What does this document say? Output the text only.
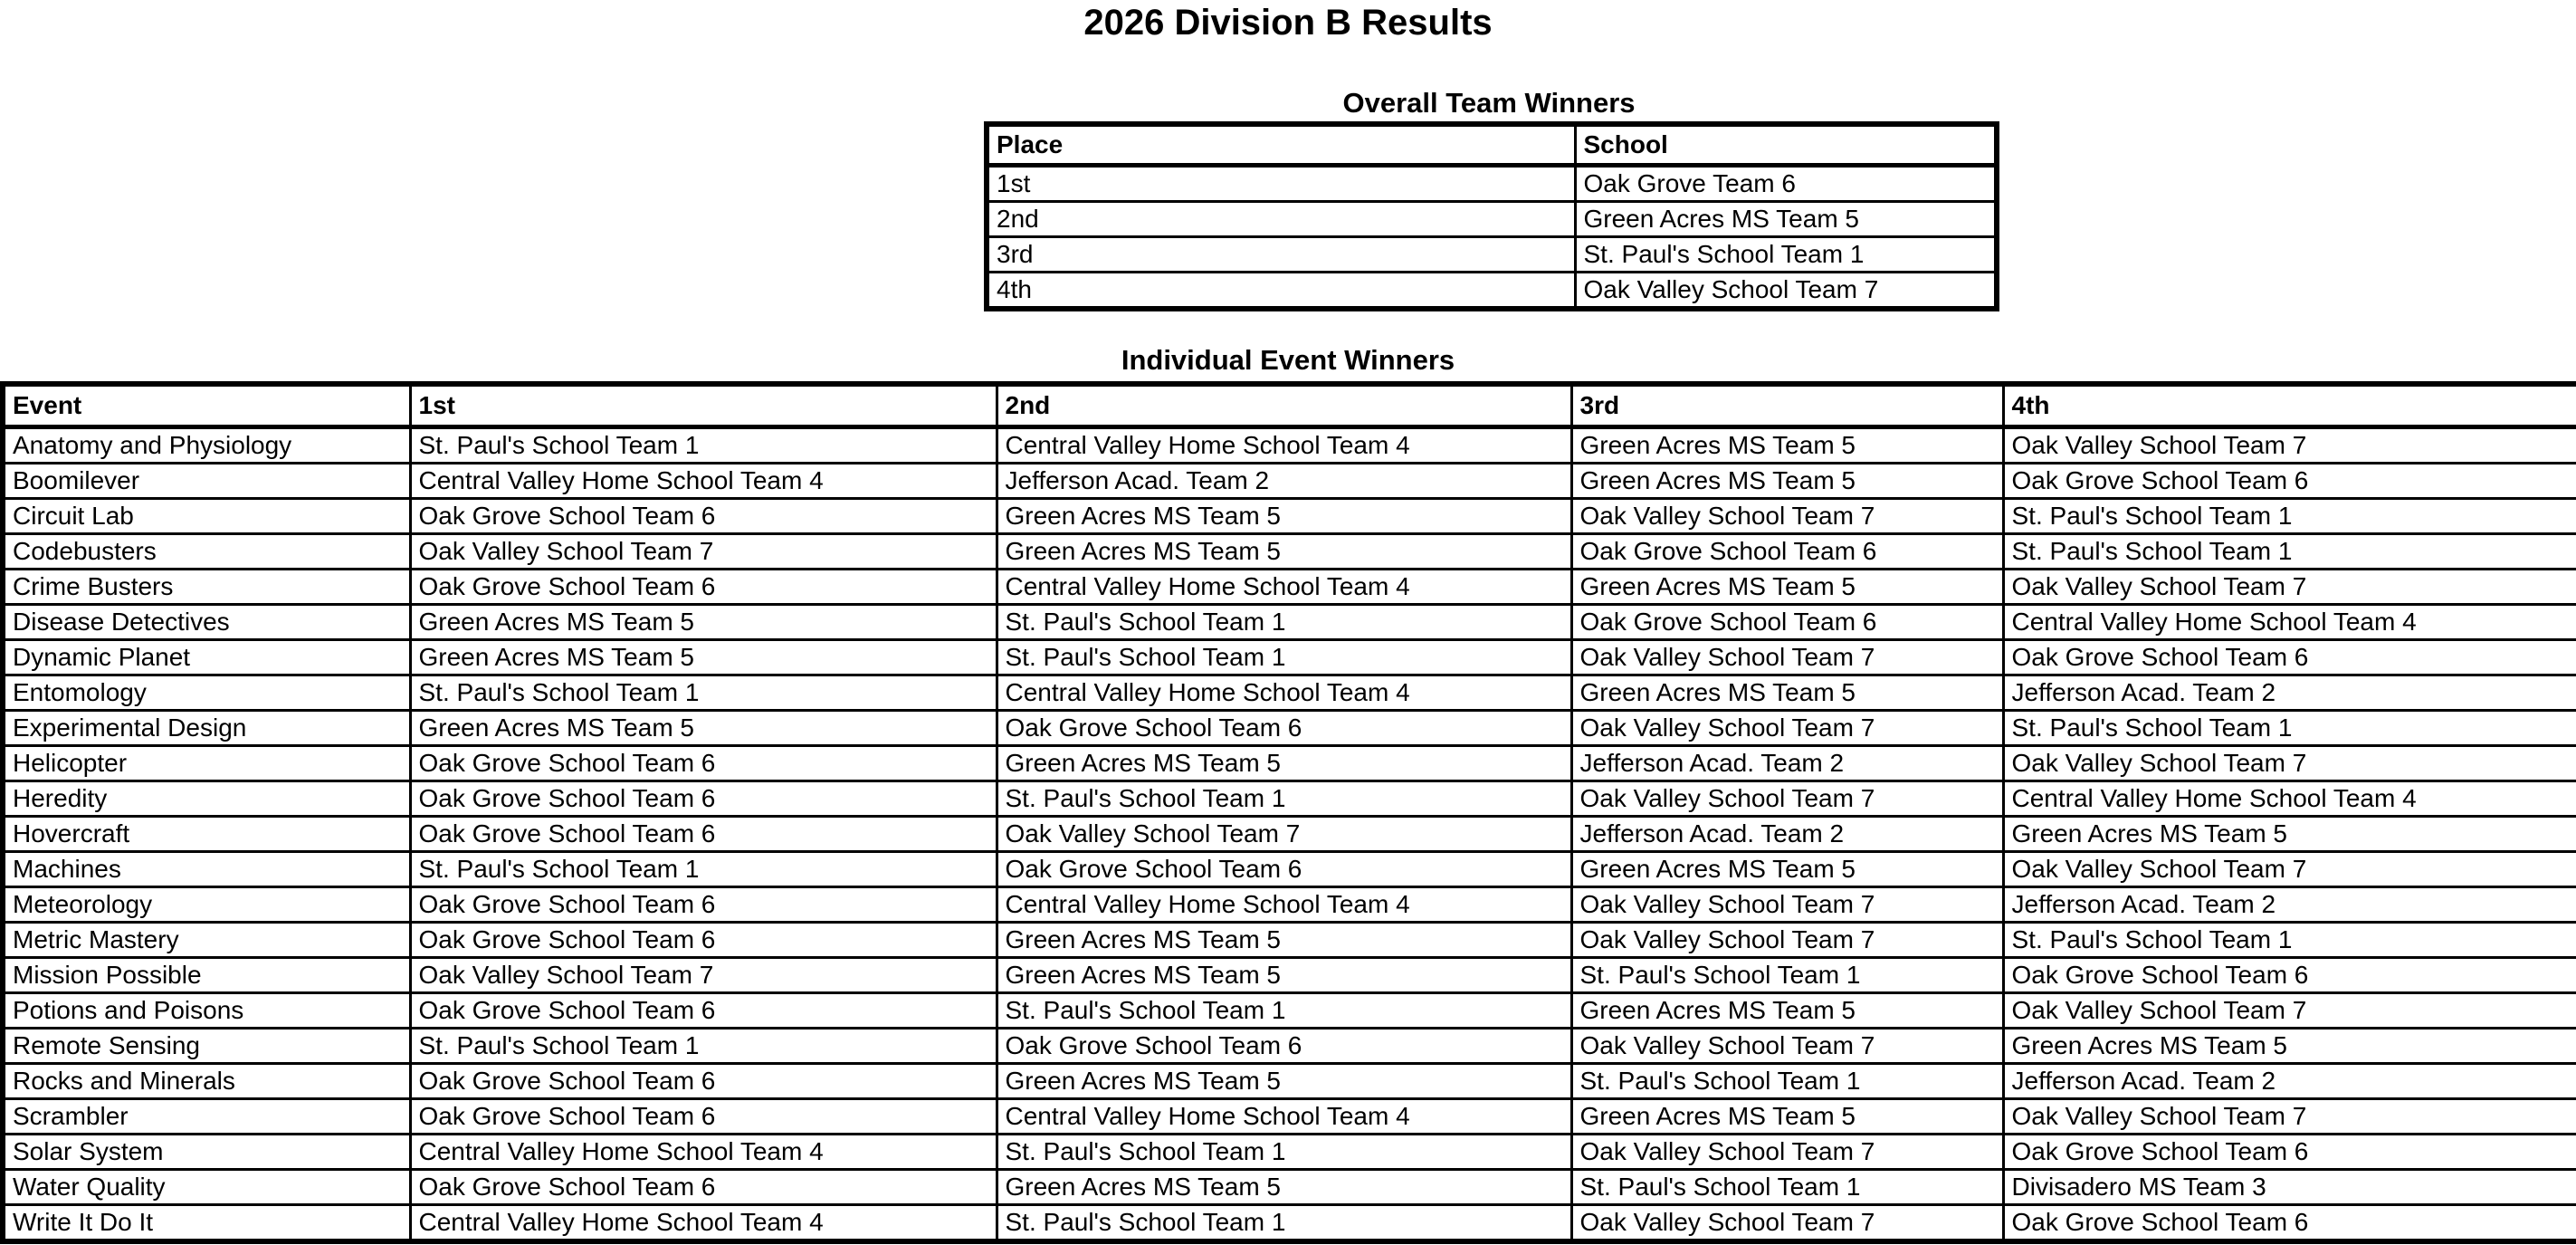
2026 Division B Results
Overall Team Winners
Place	School
1st	Oak Grove Team 6
2nd	Green Acres MS Team 5
3rd	St. Paul's School Team 1
4th	Oak Valley School Team 7
Individual Event Winners
Event	1st	2nd	3rd	4th
Anatomy and Physiology	St. Paul's School Team 1	Central Valley Home School Team 4	Green Acres MS Team 5	Oak Valley School Team 7
Boomilever	Central Valley Home School Team 4	Jefferson Acad. Team 2	Green Acres MS Team 5	Oak Grove School Team 6
Circuit Lab	Oak Grove School Team 6	Green Acres MS Team 5	Oak Valley School Team 7	St. Paul's School Team 1
Codebusters	Oak Valley School Team 7	Green Acres MS Team 5	Oak Grove School Team 6	St. Paul's School Team 1
Crime Busters	Oak Grove School Team 6	Central Valley Home School Team 4	Green Acres MS Team 5	Oak Valley School Team 7
Disease Detectives	Green Acres MS Team 5	St. Paul's School Team 1	Oak Grove School Team 6	Central Valley Home School Team 4
Dynamic Planet	Green Acres MS Team 5	St. Paul's School Team 1	Oak Valley School Team 7	Oak Grove School Team 6
Entomology	St. Paul's School Team 1	Central Valley Home School Team 4	Green Acres MS Team 5	Jefferson Acad. Team 2
Experimental Design	Green Acres MS Team 5	Oak Grove School Team 6	Oak Valley School Team 7	St. Paul's School Team 1
Helicopter	Oak Grove School Team 6	Green Acres MS Team 5	Jefferson Acad. Team 2	Oak Valley School Team 7
Heredity	Oak Grove School Team 6	St. Paul's School Team 1	Oak Valley School Team 7	Central Valley Home School Team 4
Hovercraft	Oak Grove School Team 6	Oak Valley School Team 7	Jefferson Acad. Team 2	Green Acres MS Team 5
Machines	St. Paul's School Team 1	Oak Grove School Team 6	Green Acres MS Team 5	Oak Valley School Team 7
Meteorology	Oak Grove School Team 6	Central Valley Home School Team 4	Oak Valley School Team 7	Jefferson Acad. Team 2
Metric Mastery	Oak Grove School Team 6	Green Acres MS Team 5	Oak Valley School Team 7	St. Paul's School Team 1
Mission Possible	Oak Valley School Team 7	Green Acres MS Team 5	St. Paul's School Team 1	Oak Grove School Team 6
Potions and Poisons	Oak Grove School Team 6	St. Paul's School Team 1	Green Acres MS Team 5	Oak Valley School Team 7
Remote Sensing	St. Paul's School Team 1	Oak Grove School Team 6	Oak Valley School Team 7	Green Acres MS Team 5
Rocks and Minerals	Oak Grove School Team 6	Green Acres MS Team 5	St. Paul's School Team 1	Jefferson Acad. Team 2
Scrambler	Oak Grove School Team 6	Central Valley Home School Team 4	Green Acres MS Team 5	Oak Valley School Team 7
Solar System	Central Valley Home School Team 4	St. Paul's School Team 1	Oak Valley School Team 7	Oak Grove School Team 6
Water Quality	Oak Grove School Team 6	Green Acres MS Team 5	St. Paul's School Team 1	Divisadero MS Team 3
Write It Do It	Central Valley Home School Team 4	St. Paul's School Team 1	Oak Valley School Team 7	Oak Grove School Team 6
